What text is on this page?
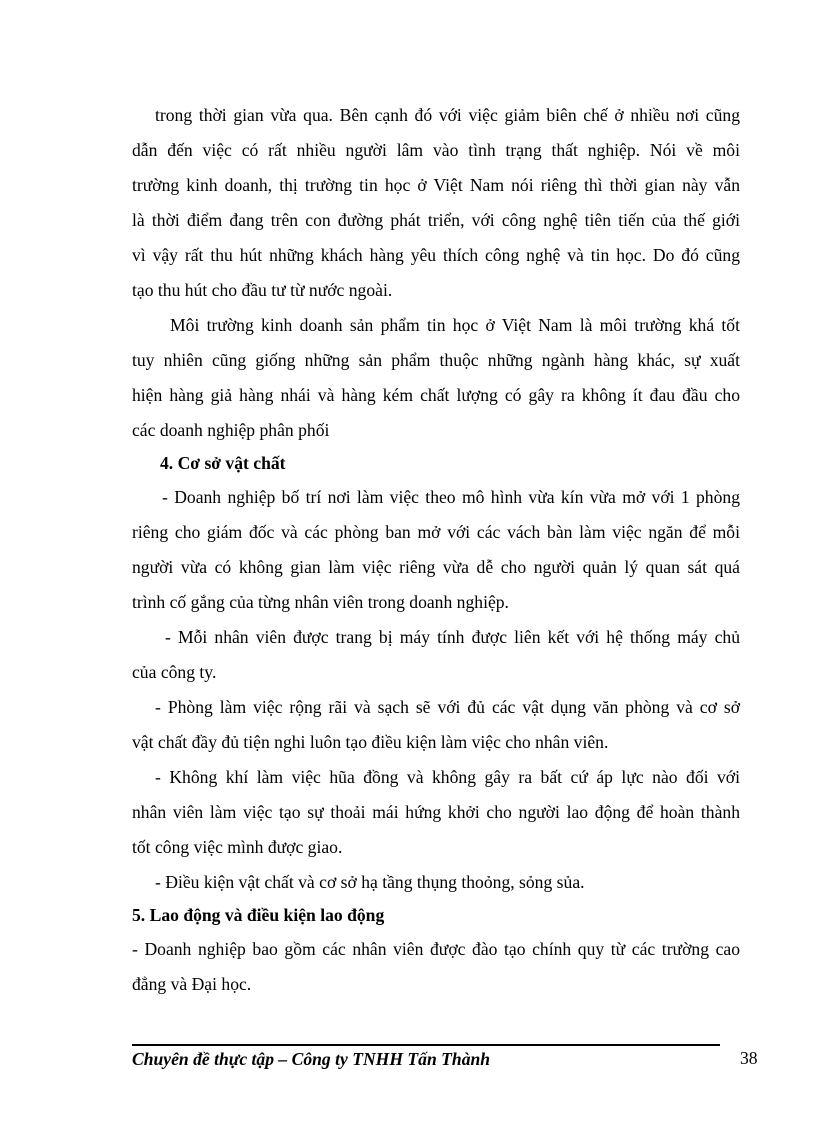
trong thời gian vừa qua. Bên cạnh đó với việc giảm biên chế ở nhiều nơi cũng
dẫn đến việc có rất nhiều người lâm vào tình trạng thất nghiệp. Nói về môi
trường kinh doanh, thị trường tin học ở Việt Nam nói riêng thì thời gian này vẫn
là thời điểm đang trên con đường phát triển, với công nghệ tiên tiến của thế giới
vì vậy rất thu hút những khách hàng yêu thích công nghệ và tin học. Do đó cũng
tạo thu hút cho đầu tư từ nước ngoài.
Môi trường kinh doanh sản phẩm tin học ở Việt Nam là môi trường khá tốt
tuy nhiên cũng giống những sản phẩm thuộc những ngành hàng khác, sự xuất
hiện hàng giả hàng nhái và hàng kém chất lượng có gây ra không ít đau đầu cho
các doanh nghiệp phân phối
4. Cơ sở vật chất
- Doanh nghiệp bố trí nơi làm việc theo mô hình vừa kín vừa mở với 1 phòng
riêng cho giám đốc và các phòng ban mở với các vách bàn làm việc ngăn để mỗi
người vừa có không gian làm việc riêng vừa dễ cho người quản lý quan sát quá
trình cố gắng của từng nhân viên trong doanh nghiệp.
- Mỗi nhân viên được trang bị máy tính được liên kết với hệ thống máy chủ
của công ty.
- Phòng làm việc rộng rãi và sạch sẽ với đủ các vật dụng văn phòng và cơ sở
vật chất đầy đủ tiện nghi luôn tạo điều kiện làm việc cho nhân viên.
- Không khí làm việc hũa đồng và không gây ra bất cứ áp lực nào đối với
nhân viên làm việc tạo sự thoải mái hứng khởi cho người lao động để hoàn thành
tốt công việc mình được giao.
- Điều kiện vật chất và cơ sở hạ tầng thụng thoỏng, sỏng sủa.
5. Lao động và điều kiện lao động
- Doanh nghiệp bao gồm các nhân viên được đào tạo chính quy từ các trường cao
đẳng và Đại học.
Chuyên đề thực tập – Công ty TNHH Tấn Thành	38
